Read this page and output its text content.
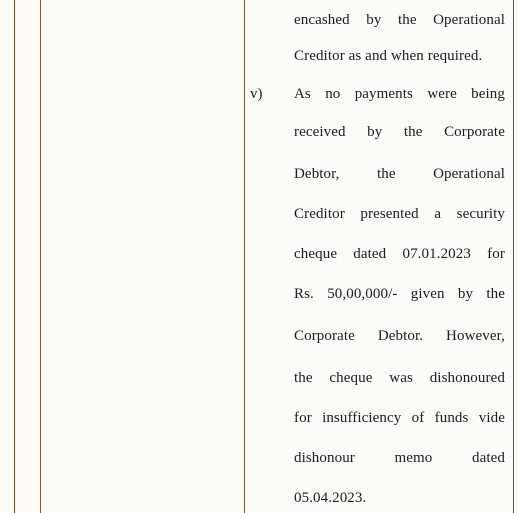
encashed by the Operational
Creditor as and when required.
v) As no payments were being
received by the Corporate
Debtor, the Operational
Creditor presented a security
cheque dated 07.01.2023 for
Rs. 50,00,000/- given by the
Corporate Debtor. However,
the cheque was dishonoured
for insufficiency of funds vide
dishonour	memo	dated
05.04.2023.
